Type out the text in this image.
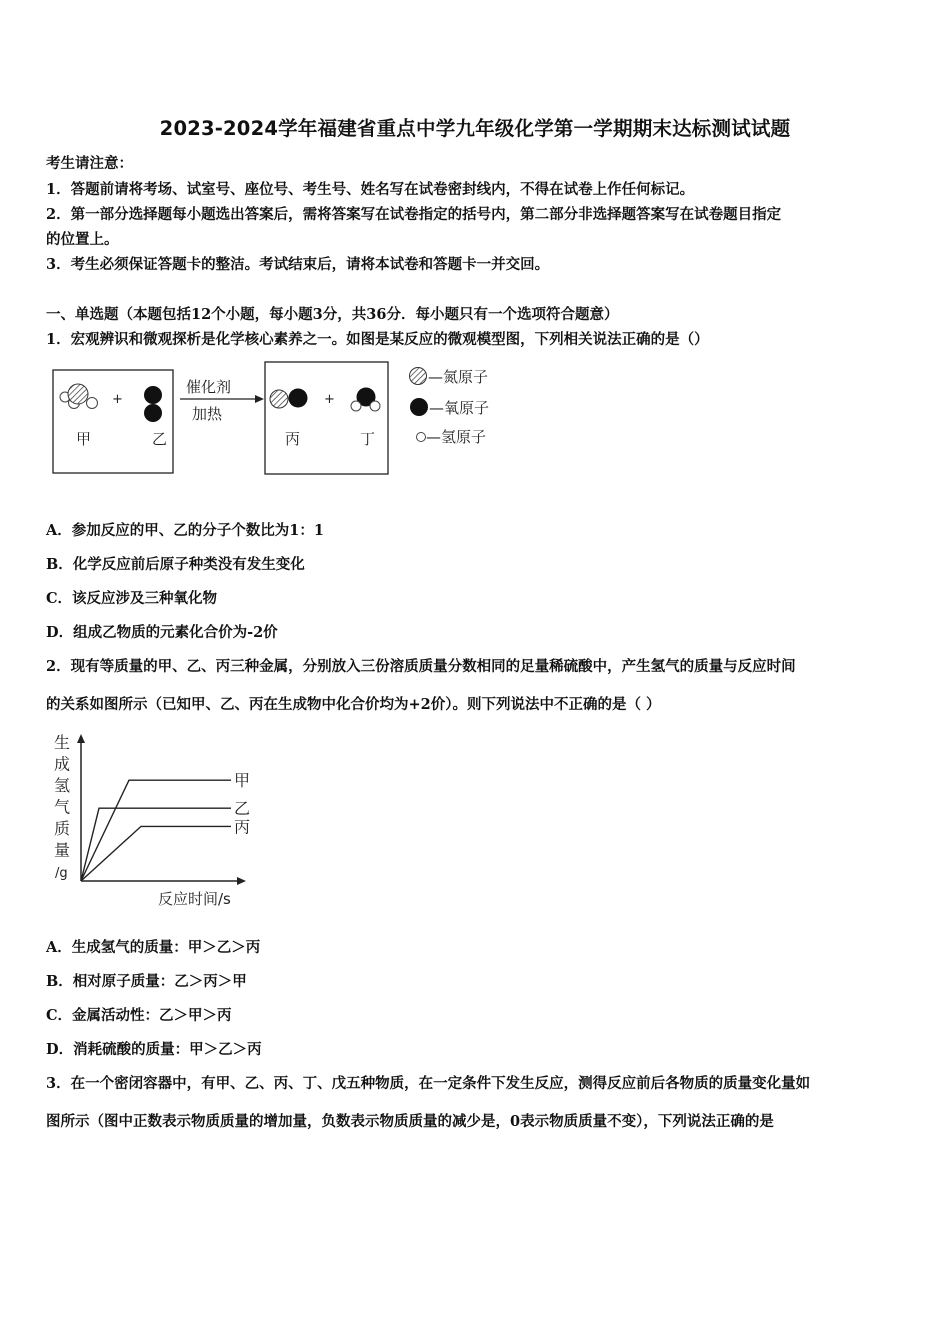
2023-2024学年福建省重点中学九年级化学第一学期期末达标测试试题
考生请注意：
1．答题前请将考场、试室号、座位号、考生号、姓名写在试卷密封线内，不得在试卷上作任何标记。
2．第一部分选择题每小题选出答案后，需将答案写在试卷指定的括号内，第二部分非选择题答案写在试卷题目指定
的位置上。
3．考生必须保证答题卡的整洁。考试结束后，请将本试卷和答题卡一并交回。
一、单选题（本题包括12个小题，每小题3分，共36分．每小题只有一个选项符合题意）
1．宏观辨识和微观探析是化学核心素养之一。如图是某反应的微观模型图，下列相关说法正确的是（）
+
甲	乙
催化剂
加热
+
丙	丁
—氮原子
—氧原子
—氢原子
A．参加反应的甲、乙的分子个数比为1：1
B．化学反应前后原子种类没有发生变化
C．该反应涉及三种氧化物
D．组成乙物质的元素化合价为-2价
2．现有等质量的甲、乙、丙三种金属，分别放入三份溶质质量分数相同的足量稀硫酸中，产生氢气的质量与反应时间
的关系如图所示（已知甲、乙、丙在生成物中化合价均为+2价）。则下列说法中不正确的是（ ）
生
成
氢
气
质
量
/g
甲
乙
丙
反应时间/s
A．生成氢气的质量：甲＞乙＞丙
B．相对原子质量：乙＞丙＞甲
C．金属活动性：乙＞甲＞丙
D．消耗硫酸的质量：甲＞乙＞丙
3．在一个密闭容器中，有甲、乙、丙、丁、戊五种物质，在一定条件下发生反应，测得反应前后各物质的质量变化量如
图所示（图中正数表示物质质量的增加量，负数表示物质质量的减少是，0表示物质质量不变），下列说法正确的是
